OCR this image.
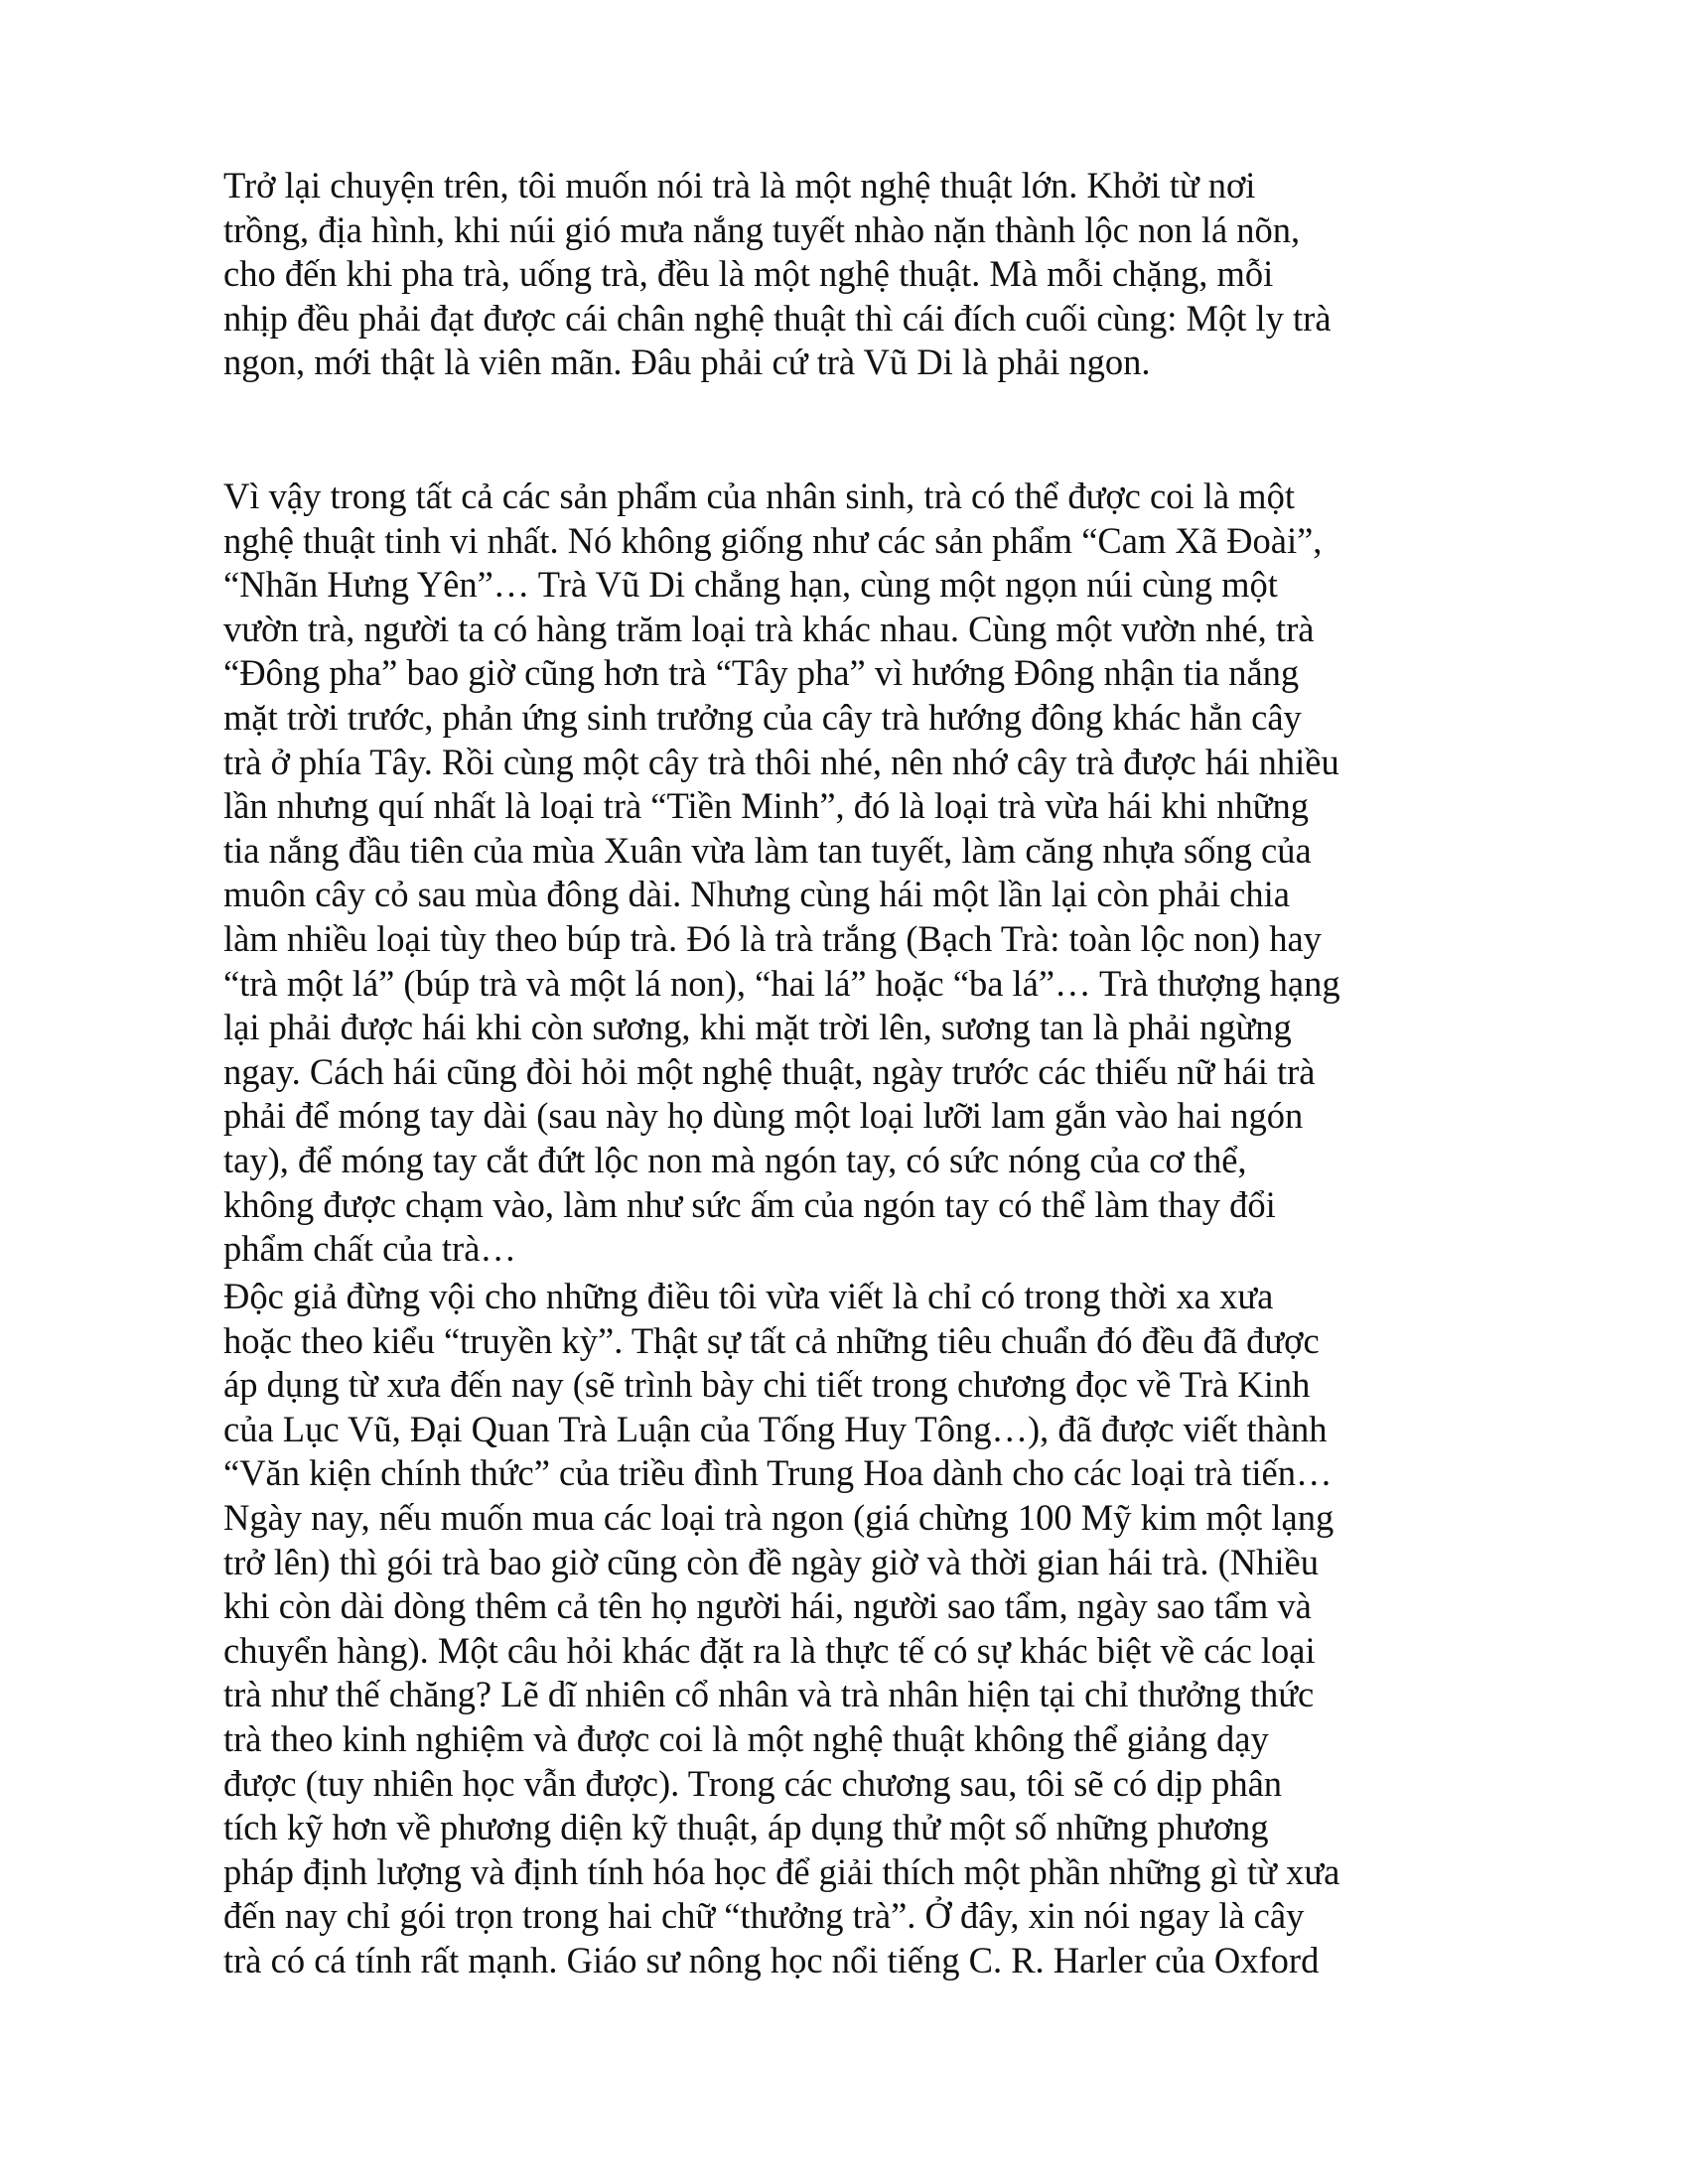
Trở lại chuyện trên, tôi muốn nói trà là một nghệ thuật lớn. Khởi từ nơi
trồng, địa hình, khi núi gió mưa nắng tuyết nhào nặn thành lộc non lá nõn,
cho đến khi pha trà, uống trà, đều là một nghệ thuật. Mà mỗi chặng, mỗi
nhịp đều phải đạt được cái chân nghệ thuật thì cái đích cuối cùng: Một ly trà
ngon, mới thật là viên mãn. Đâu phải cứ trà Vũ Di là phải ngon.
Vì vậy trong tất cả các sản phẩm của nhân sinh, trà có thể được coi là một
nghệ thuật tinh vi nhất. Nó không giống như các sản phẩm “Cam Xã Đoài”,
“Nhãn Hưng Yên”… Trà Vũ Di chẳng hạn, cùng một ngọn núi cùng một
vườn trà, người ta có hàng trăm loại trà khác nhau. Cùng một vườn nhé, trà
“Đông pha” bao giờ cũng hơn trà “Tây pha” vì hướng Đông nhận tia nắng
mặt trời trước, phản ứng sinh trưởng của cây trà hướng đông khác hẳn cây
trà ở phía Tây. Rồi cùng một cây trà thôi nhé, nên nhớ cây trà được hái nhiều
lần nhưng quí nhất là loại trà “Tiền Minh”, đó là loại trà vừa hái khi những
tia nắng đầu tiên của mùa Xuân vừa làm tan tuyết, làm căng nhựa sống của
muôn cây cỏ sau mùa đông dài. Nhưng cùng hái một lần lại còn phải chia
làm nhiều loại tùy theo búp trà. Đó là trà trắng (Bạch Trà: toàn lộc non) hay
“trà một lá” (búp trà và một lá non), “hai lá” hoặc “ba lá”… Trà thượng hạng
lại phải được hái khi còn sương, khi mặt trời lên, sương tan là phải ngừng
ngay. Cách hái cũng đòi hỏi một nghệ thuật, ngày trước các thiếu nữ hái trà
phải để móng tay dài (sau này họ dùng một loại lưỡi lam gắn vào hai ngón
tay), để móng tay cắt đứt lộc non mà ngón tay, có sức nóng của cơ thể,
không được chạm vào, làm như sức ấm của ngón tay có thể làm thay đổi
phẩm chất của trà…
Độc giả đừng vội cho những điều tôi vừa viết là chỉ có trong thời xa xưa
hoặc theo kiểu “truyền kỳ”. Thật sự tất cả những tiêu chuẩn đó đều đã được
áp dụng từ xưa đến nay (sẽ trình bày chi tiết trong chương đọc về Trà Kinh
của Lục Vũ, Đại Quan Trà Luận của Tống Huy Tông…), đã được viết thành
“Văn kiện chính thức” của triều đình Trung Hoa dành cho các loại trà tiến…
Ngày nay, nếu muốn mua các loại trà ngon (giá chừng 100 Mỹ kim một lạng
trở lên) thì gói trà bao giờ cũng còn đề ngày giờ và thời gian hái trà. (Nhiều
khi còn dài dòng thêm cả tên họ người hái, người sao tẩm, ngày sao tẩm và
chuyển hàng). Một câu hỏi khác đặt ra là thực tế có sự khác biệt về các loại
trà như thế chăng? Lẽ dĩ nhiên cổ nhân và trà nhân hiện tại chỉ thưởng thức
trà theo kinh nghiệm và được coi là một nghệ thuật không thể giảng dạy
được (tuy nhiên học vẫn được). Trong các chương sau, tôi sẽ có dịp phân
tích kỹ hơn về phương diện kỹ thuật, áp dụng thử một số những phương
pháp định lượng và định tính hóa học để giải thích một phần những gì từ xưa
đến nay chỉ gói trọn trong hai chữ “thưởng trà”. Ở đây, xin nói ngay là cây
trà có cá tính rất mạnh. Giáo sư nông học nổi tiếng C. R. Harler của Oxford
